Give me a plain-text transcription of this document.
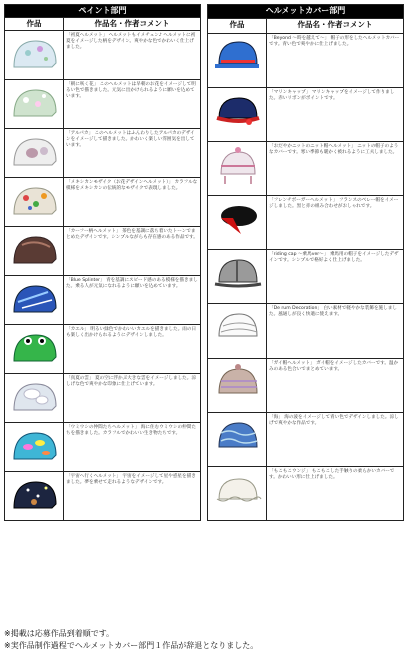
ペイント部門	
作品	作品名・作者コメント

「初夏へルメット」 ヘルメットもイメチェン♪ ヘルメットに初夏をイメージした柄をデザイン。爽やかな色でかわいく仕上げました。

「朝に咲く花」 このヘルメットは早朝のお花をイメージして明るい色で描きました。元気に出かけられるように願いを込めています。

「アルパカ」 このヘルメットはふんわりしたアルパカのデザインをイメージして描きました。かわいく楽しい雰囲気を出しています。

「メキシカンモザイク（お花デザインヘルメット）」 カラフルな模様をメキシカンの伝統的なモザイクで表現しました。

「カーフー柄ヘルメット」 茶色を基調に落ち着いたトーンでまとめたデザインです。シンプルながらも存在感のある作品です。

「Blue Splinter」 青を基調にスピード感のある模様を描きました。乗る人が元気になれるように願いを込めています。

「カエル」 明るい緑色でかわいいカエルを描きました。雨の日も楽しく出かけられるようにデザインしました。

「真夏の雲」 夏の空に浮かぶ大きな雲をイメージしました。涼しげな色で爽やかな印象に仕上げています。

「ウミウシの仲間たちヘルメット」 海に住むウミウシの仲間たちを描きました。カラフルでかわいい生き物たちです。

「宇宙へ行くヘルメット」 宇宙をイメージして星や惑星を描きました。夢を乗せて走れるようなデザインです。
ヘルメットカバー部門	
作品	作品名・作者コメント

「Beyond ～時を越えて～」 帽子の形をしたヘルメットカバーです。青い色で爽やかに仕上げました。

「マリンキャップ」 マリンキャップをイメージして作りました。赤いリボンがポイントです。

「おだやかニットのニット帽ヘルメット」 ニットの帽子のようなカバーです。寒い季節も暖かく被れるように工夫しました。

「フレンチボーガーヘルメット」 フランスのベレー帽をイメージしました。黒と赤の組み合わせがおしゃれです。

「riding cap ～乗馬ver～」 乗馬用の帽子をイメージしたデザインです。シンプルで格好よく仕上げました。

「De rum Decoration」 白い素材で軽やかな装飾を施しました。風通しが良く快適に使えます。

「ガイ帽ヘルメット」 ガイ帽をイメージしたカバーです。温かみのある色合いでまとめています。

「海」 海の波をイメージして青い色でデザインしました。涼しげで爽やかな作品です。

「もこもこウンジ」 もこもこした手触りの柔らかいカバーです。かわいい形に仕上げました。
※掲載は応募作品到着順です。
※実作品制作過程でヘルメットカバー部門１作品が辞退となりました。
